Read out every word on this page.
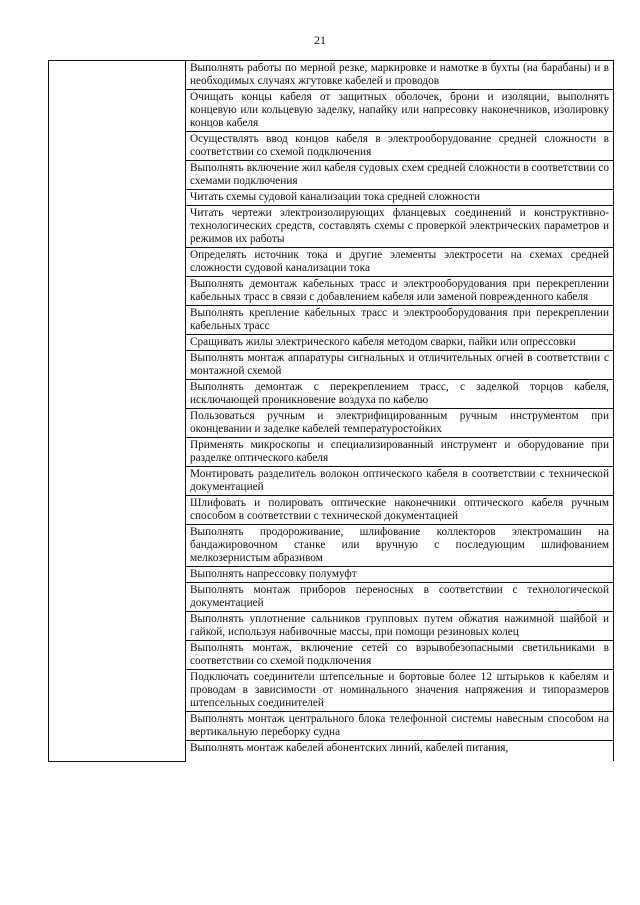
21
	Выполнять работы по мерной резке, маркировке и намотке в бухты (на барабаны) и в необходимых случаях жгутовке кабелей и проводов
Очищать концы кабеля от защитных оболочек, брони и изоляции, выполнять концевую или кольцевую заделку, напайку или напресовку наконечников, изолировку концов кабеля
Осуществлять ввод концов кабеля в электрооборудование средней сложности в соответствии со схемой подключения
Выполнять включение жил кабеля судовых схем средней сложности в соответствии со схемами подключения
Читать схемы судовой канализации тока средней сложности
Читать чертежи электроизолирующих фланцевых соединений и конструктивно-технологических средств, составлять схемы с проверкой электрических параметров и режимов их работы
Определять источник тока и другие элементы электросети на схемах средней сложности судовой канализации тока
Выполнять демонтаж кабельных трасс и электрооборудования при перекреплении кабельных трасс в связи с добавлением кабеля или заменой поврежденного кабеля
Выполнять крепление кабельных трасс и электрооборудования при перекреплении кабельных трасс
Сращивать жилы электрического кабеля методом сварки, пайки или опрессовки
Выполнять монтаж аппаратуры сигнальных и отличительных огней в соответствии с монтажной схемой
Выполнять демонтаж с перекреплением трасс, с заделкой торцов кабеля, исключающей проникновение воздуха по кабелю
Пользоваться ручным и электрифицированным ручным инструментом при оконцевании и заделке кабелей температуростойких
Применять микроскопы и специализированный инструмент и оборудование при разделке оптического кабеля
Монтировать разделитель волокон оптического кабеля в соответствии с технической документацией
Шлифовать и полировать оптические наконечники оптического кабеля ручным способом в соответствии с технической документацией
Выполнять продороживание, шлифование коллекторов электромашин на бандажировочном станке или вручную с последующим шлифованием мелкозернистым абразивом
Выполнять напрессовку полумуфт
Выполнять монтаж приборов переносных в соответствии с технологической документацией
Выполнять уплотнение сальников групповых путем обжатия нажимной шайбой и гайкой, используя набивочные массы, при помощи резиновых колец
Выполнять монтаж, включение сетей со взрывобезопасными светильниками в соответствии со схемой подключения
Подключать соединители штепсельные и бортовые более 12 штырьков к кабелям и проводам в зависимости от номинального значения напряжения и типоразмеров штепсельных соединителей
Выполнять монтаж центрального блока телефонной системы навесным способом на вертикальную переборку судна
Выполнять монтаж кабелей абонентских линий, кабелей питания,
